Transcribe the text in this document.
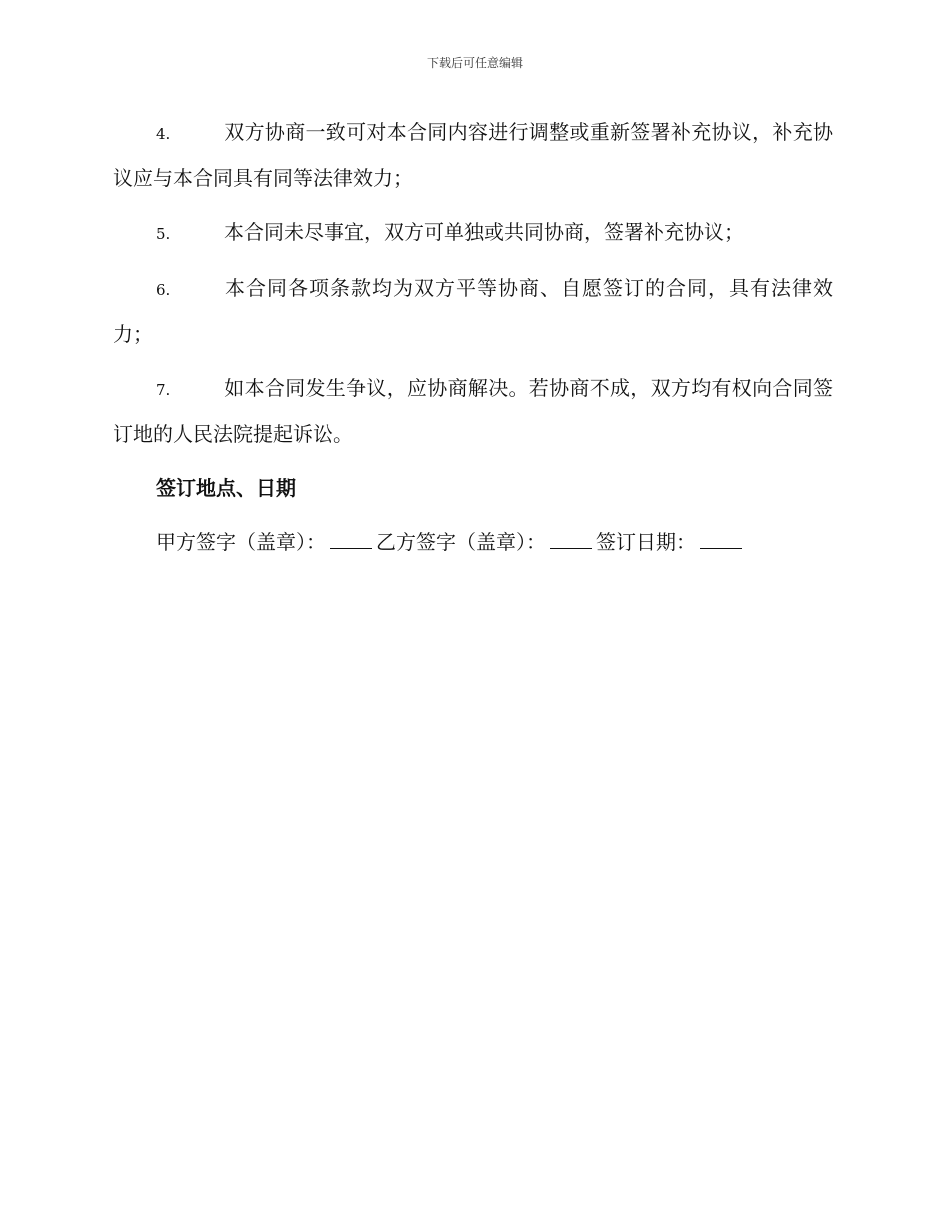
下载后可任意编辑

4.	双方协商一致可对本合同内容进行调整或重新签署补充协议，补充协议应与本合同具有同等法律效力；

5.	本合同未尽事宜，双方可单独或共同协商，签署补充协议；

6.	本合同各项条款均为双方平等协商、自愿签订的合同，具有法律效力；

7.	如本合同发生争议，应协商解决。若协商不成，双方均有权向合同签订地的人民法院提起诉讼。

签订地点、日期

甲方签字（盖章）：	乙方签字（盖章）：	签订日期：
